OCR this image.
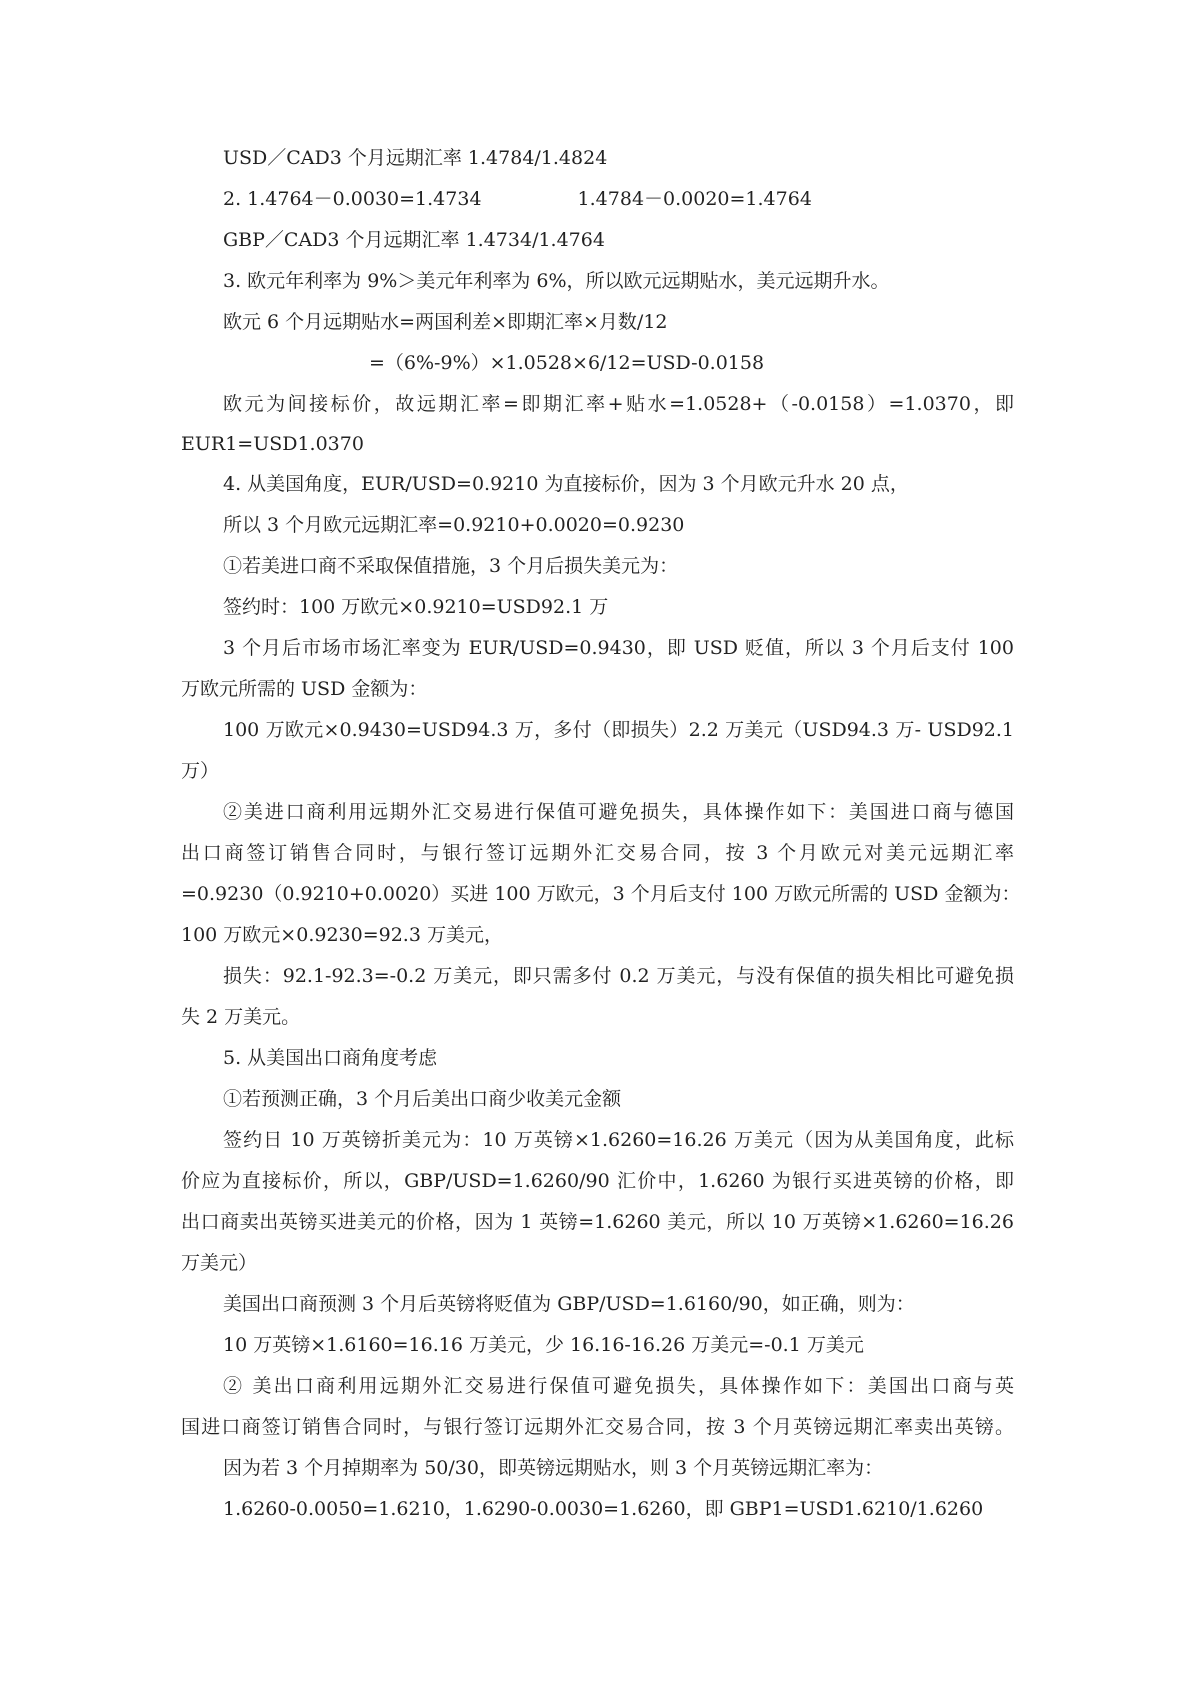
USD／CAD3 个月远期汇率 1.4784/1.4824
2. 1.4764－0.0030=1.4734	1.4784－0.0020=1.4764
GBP／CAD3 个月远期汇率 1.4734/1.4764
3. 欧元年利率为 9%＞美元年利率为 6%，所以欧元远期贴水，美元远期升水。
欧元 6 个月远期贴水=两国利差×即期汇率×月数/12
=（6%-9%）×1.0528×6/12=USD-0.0158
欧元为间接标价，故远期汇率=即期汇率+贴水=1.0528+（-0.0158）=1.0370，即
EUR1=USD1.0370
4. 从美国角度，EUR/USD=0.9210 为直接标价，因为 3 个月欧元升水 20 点，
所以 3 个月欧元远期汇率=0.9210+0.0020=0.9230
①若美进口商不采取保值措施，3 个月后损失美元为：
签约时：100 万欧元×0.9210=USD92.1 万
3 个月后市场市场汇率变为 EUR/USD=0.9430，即 USD 贬值，所以 3 个月后支付 100
万欧元所需的 USD 金额为：
100 万欧元×0.9430=USD94.3 万，多付（即损失）2.2 万美元（USD94.3 万- USD92.1
万）
②美进口商利用远期外汇交易进行保值可避免损失，具体操作如下：美国进口商与德国
出口商签订销售合同时，与银行签订远期外汇交易合同，按 3 个月欧元对美元远期汇率
=0.9230（0.9210+0.0020）买进 100 万欧元，3 个月后支付 100 万欧元所需的 USD 金额为：
100 万欧元×0.9230=92.3 万美元，
损失：92.1-92.3=-0.2 万美元，即只需多付 0.2 万美元，与没有保值的损失相比可避免损
失 2 万美元。
5. 从美国出口商角度考虑
①若预测正确，3 个月后美出口商少收美元金额
签约日 10 万英镑折美元为：10 万英镑×1.6260=16.26 万美元（因为从美国角度，此标
价应为直接标价，所以，GBP/USD=1.6260/90 汇价中，1.6260 为银行买进英镑的价格，即
出口商卖出英镑买进美元的价格，因为 1 英镑=1.6260 美元，所以 10 万英镑×1.6260=16.26
万美元）
美国出口商预测 3 个月后英镑将贬值为 GBP/USD=1.6160/90，如正确，则为：
10 万英镑×1.6160=16.16 万美元，少 16.16-16.26 万美元=-0.1 万美元
② 美出口商利用远期外汇交易进行保值可避免损失，具体操作如下：美国出口商与英
国进口商签订销售合同时，与银行签订远期外汇交易合同，按 3 个月英镑远期汇率卖出英镑。
因为若 3 个月掉期率为 50/30，即英镑远期贴水，则 3 个月英镑远期汇率为：
1.6260-0.0050=1.6210，1.6290-0.0030=1.6260，即 GBP1=USD1.6210/1.6260
